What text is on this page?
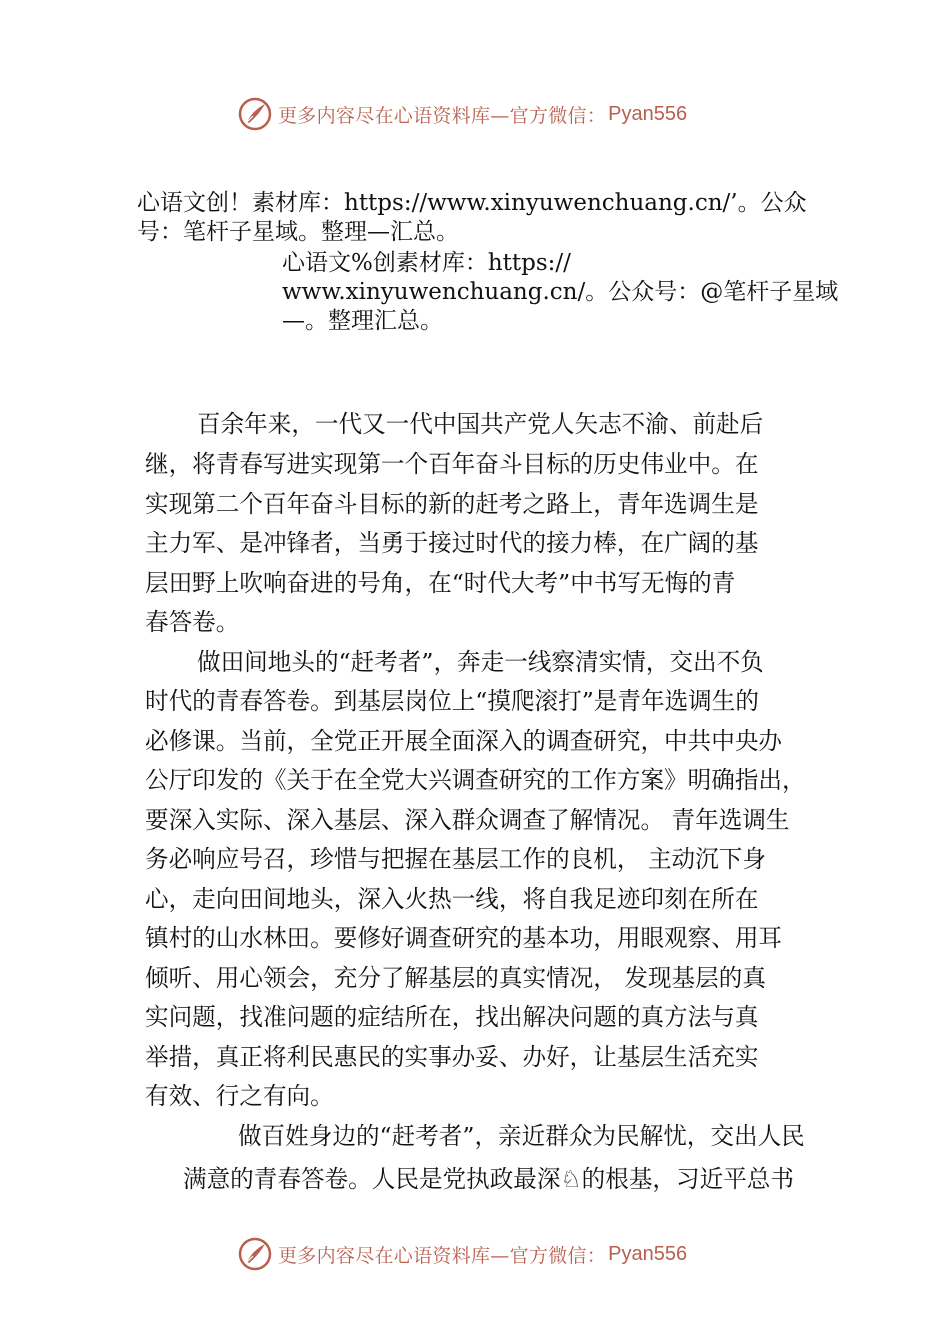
更多内容尽在心语资料库—官方微信： Pyan556
心语文创！素材库：https://www.xinyuwenchuang.cn/’。公众
号：笔杆子星域。整理—汇总。
心语文%创素材库：https://
www.xinyuwenchuang.cn/。公众号：@笔杆子星域
—。整理汇总。
百余年来，一代又一代中国共产党人矢志不渝、前赴后
继，将青春写进实现第一个百年奋斗目标的历史伟业中。在
实现第二个百年奋斗目标的新的赶考之路上，青年选调生是
主力军、是冲锋者，当勇于接过时代的接力棒，在广阔的基
层田野上吹响奋进的号角，在“时代大考”中书写无悔的青
春答卷。
做田间地头的“赶考者”，奔走一线察清实情，交出不负
时代的青春答卷。到基层岗位上“摸爬滚打”是青年选调生的
必修课。当前，全党正开展全面深入的调查研究，中共中央办
公厅印发的《关于在全党大兴调查研究的工作方案》明确指出，
要深入实际、深入基层、深入群众调查了解情况。 青年选调生
务必响应号召，珍惜与把握在基层工作的良机， 主动沉下身
心，走向田间地头，深入火热一线，将自我足迹印刻在所在
镇村的山水林田。要修好调查研究的基本功，用眼观察、用耳
倾听、用心领会，充分了解基层的真实情况， 发现基层的真
实问题，找准问题的症结所在，找出解决问题的真方法与真
举措，真正将利民惠民的实事办妥、办好，让基层生活充实
有效、行之有向。
做百姓身边的“赶考者”，亲近群众为民解忧，交出人民
满意的青春答卷。人民是党执政最深♘的根基，习近平总书
更多内容尽在心语资料库—官方微信： Pyan556
